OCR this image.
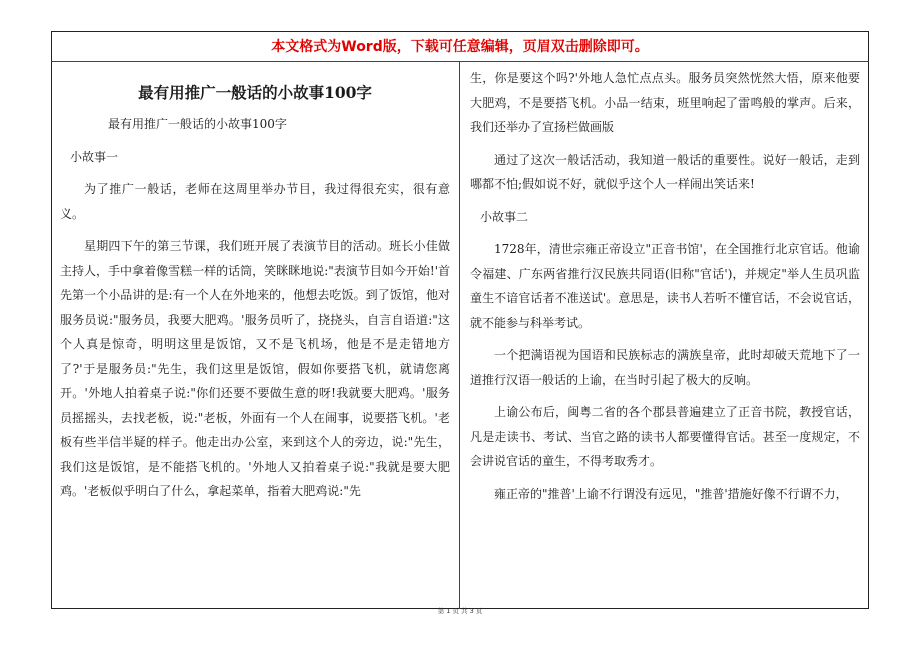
本文格式为Word版，下载可任意编辑，页眉双击删除即可。
最有用推广一般话的小故事100字

最有用推广一般话的小故事100字

小故事一

为了推广一般话，老师在这周里举办节目，我过得很充实，很有意义。

星期四下午的第三节课，我们班开展了表演节目的活动。班长小佳做主持人，手中拿着像雪糕一样的话筒，笑眯眯地说:"表演节目如今开始!'首先第一个小品讲的是:有一个人在外地来的，他想去吃饭。到了饭馆，他对服务员说:"服务员，我要大肥鸡。'服务员听了，挠挠头，自言自语道:"这个人真是惊奇，明明这里是饭馆，又不是飞机场，他是不是走错地方了?'于是服务员:"先生，我们这里是饭馆，假如你要搭飞机，就请您离开。'外地人拍着桌子说:"你们还要不要做生意的呀!我就要大肥鸡。'服务员摇摇头，去找老板，说:"老板，外面有一个人在闹事，说要搭飞机。'老板有些半信半疑的样子。他走出办公室，来到这个人的旁边，说:"先生，我们这是饭馆，是不能搭飞机的。'外地人又拍着桌子说:"我就是要大肥鸡。'老板似乎明白了什么，拿起菜单，指着大肥鸡说:"先

生，你是要这个吗?'外地人急忙点点头。服务员突然恍然大悟，原来他要大肥鸡，不是要搭飞机。小品一结束，班里响起了雷鸣般的掌声。后来，我们还举办了宣扬栏做画版

通过了这次一般话活动，我知道一般话的重要性。说好一般话，走到哪都不怕;假如说不好，就似乎这个人一样闹出笑话来!

小故事二

1728年，清世宗雍正帝设立"正音书馆'，在全国推行北京官话。他谕令福建、广东两省推行汉民族共同语(旧称"官话')，并规定"举人生员巩监童生不谙官话者不准送试'。意思是，读书人若听不懂官话，不会说官话，就不能参与科举考试。

一个把满语视为国语和民族标志的满族皇帝，此时却破天荒地下了一道推行汉语一般话的上谕，在当时引起了极大的反响。

上谕公布后，闽粤二省的各个郡县普遍建立了正音书院，教授官话，凡是走读书、考试、当官之路的读书人都要懂得官话。甚至一度规定，不会讲说官话的童生，不得考取秀才。

雍正帝的"推普'上谕不行谓没有远见，"推普'措施好像不行谓不力，

第 1 页 共 3 页
